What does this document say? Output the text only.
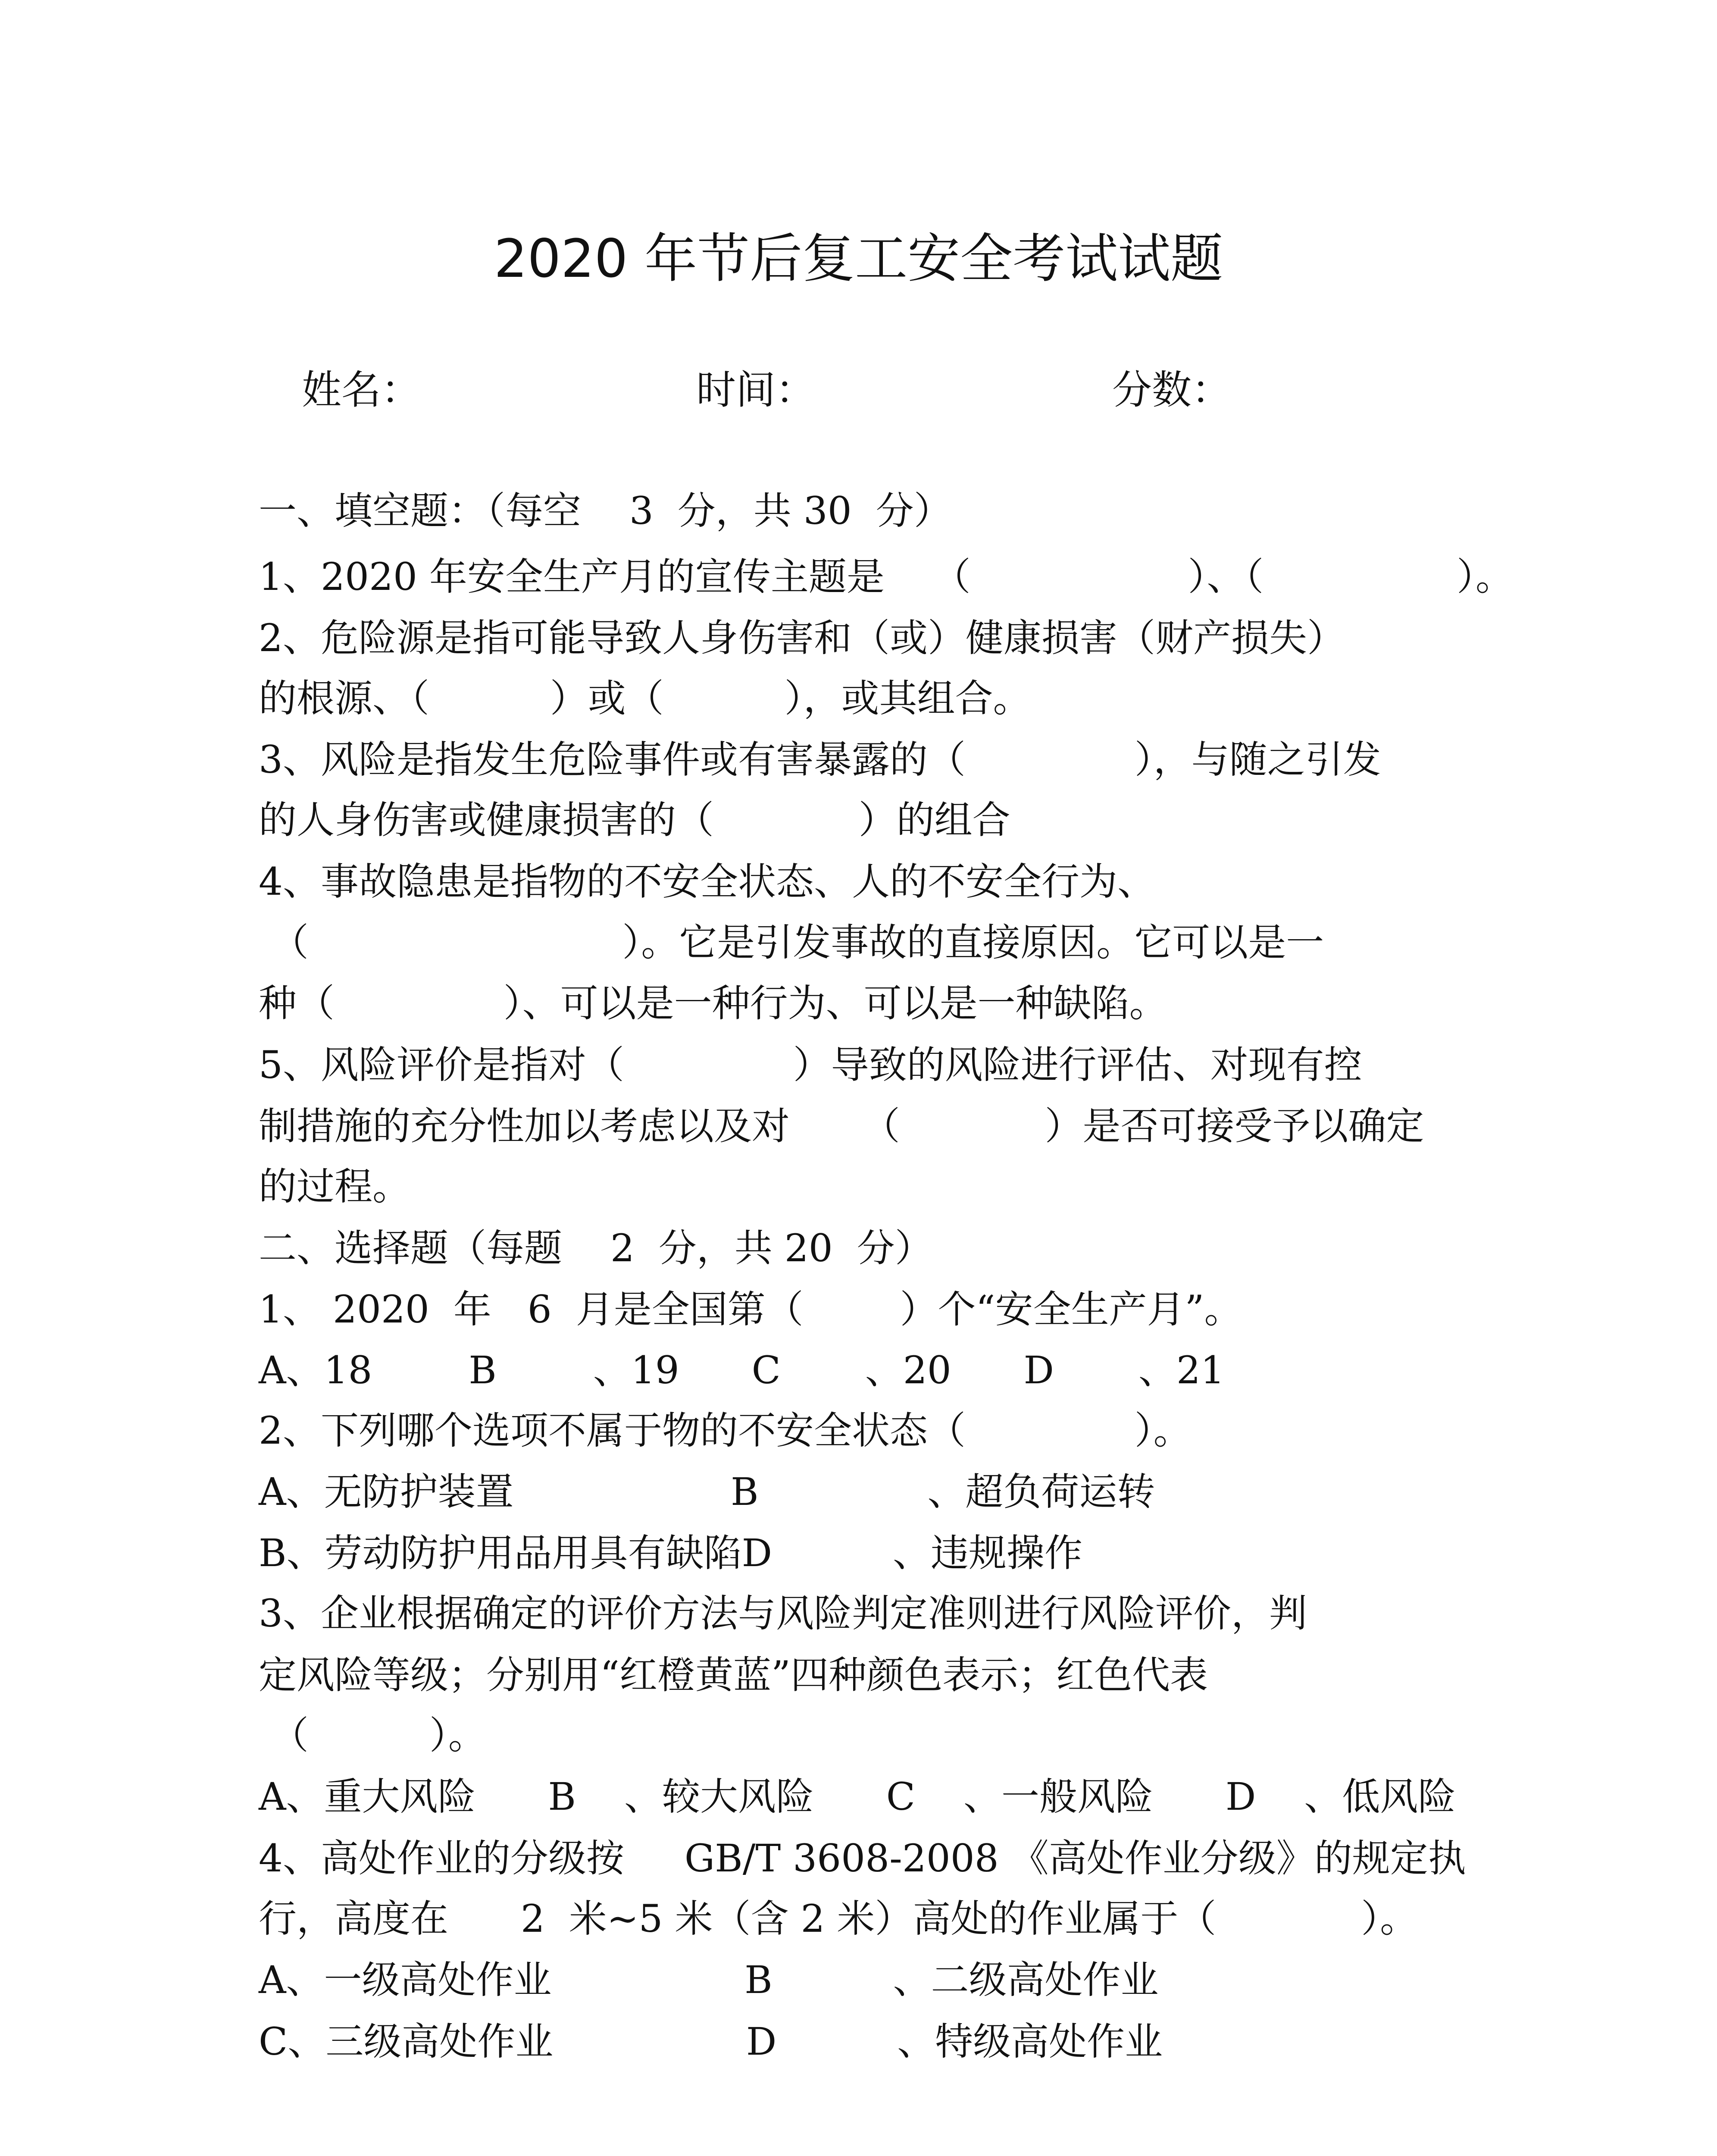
2020 年节后复工安全考试试题
姓名：	时间：	分数：
一、填空题：（每空    3  分，共 30  分）
1、2020 年安全生产月的宣传主题是    （                  ）、（                ）。
2、危险源是指可能导致人身伤害和（或）健康损害（财产损失）
的根源、（          ）或（          ），或其组合。
3、风险是指发生危险事件或有害暴露的（              ），与随之引发
的人身伤害或健康损害的（            ）的组合
4、事故隐患是指物的不安全状态、人的不安全行为、
（                          ）。它是引发事故的直接原因。它可以是一
种（              ）、可以是一种行为、可以是一种缺陷。
5、风险评价是指对（              ）导致的风险进行评估、对现有控
制措施的充分性加以考虑以及对      （            ）是否可接受予以确定
的过程。
二、选择题（每题    2  分，共 20  分）
1、 2020  年   6  月是全国第（        ）个“安全生产月”。
A、18        B        、19      C       、20      D       、21
2、下列哪个选项不属于物的不安全状态（              ）。
A、无防护装置                  B              、超负荷运转
B、劳动防护用品用具有缺陷D          、违规操作
3、企业根据确定的评价方法与风险判定准则进行风险评价，判
定风险等级；分别用“红橙黄蓝”四种颜色表示；红色代表
（          ）。
A、重大风险      B    、较大风险      C    、一般风险      D    、低风险
4、高处作业的分级按     GB/T 3608-2008 《高处作业分级》的规定执
行，高度在      2  米~5 米（含 2 米）高处的作业属于（            ）。
A、一级高处作业                B          、二级高处作业
C、三级高处作业                D          、特级高处作业
